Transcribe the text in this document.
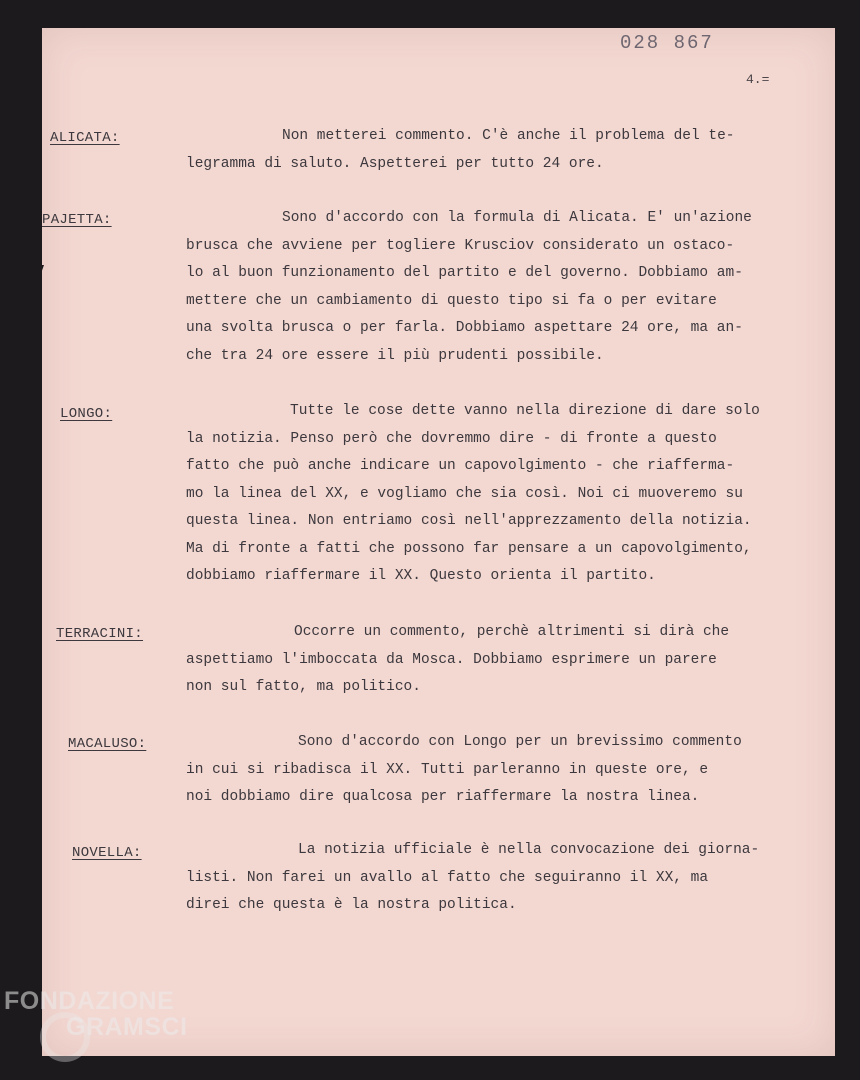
028 867
4.=
ALICATA:	Non metterei commento. C'è anche il problema del te-
legramma di saluto. Aspetterei per tutto 24 ore.
PAJETTA:	Sono d'accordo con la formula di Alicata. E' un'azione
brusca che avviene per togliere Krusciov considerato un ostaco-
lo al buon funzionamento del partito e del governo. Dobbiamo am-
mettere che un cambiamento di questo tipo si fa o per evitare
una svolta brusca o per farla. Dobbiamo aspettare 24 ore, ma an-
che tra 24 ore essere il più prudenti possibile.
LONGO:	Tutte le cose dette vanno nella direzione di dare solo
la notizia. Penso però che dovremmo dire - di fronte a questo
fatto che può anche indicare un capovolgimento - che riafferma-
mo la linea del XX, e vogliamo che sia così. Noi ci muoveremo su
questa linea. Non entriamo così nell'apprezzamento della notizia.
Ma di fronte a fatti che possono far pensare a un capovolgimento,
dobbiamo riaffermare il XX. Questo orienta il partito.
TERRACINI:	Occorre un commento, perchè altrimenti si dirà che
aspettiamo l'imboccata da Mosca. Dobbiamo esprimere un parere
non sul fatto, ma politico.
MACALUSO:	Sono d'accordo con Longo per un brevissimo commento
in cui si ribadisca il XX. Tutti parleranno in queste ore, e
noi dobbiamo dire qualcosa per riaffermare la nostra linea.
NOVELLA:	La notizia ufficiale è nella convocazione dei giorna-
listi. Non farei un avallo al fatto che seguiranno il XX, ma
direi che questa è la nostra politica.
FONDAZIONE
GRAMSCI
